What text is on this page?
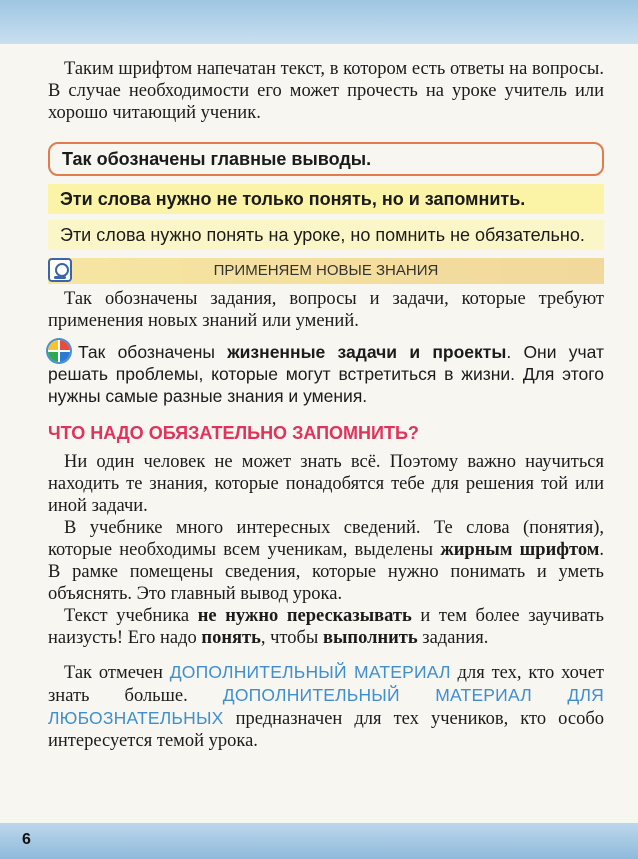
Таким шрифтом напечатан текст, в котором есть ответы на вопросы. В случае необходимости его может прочесть на уроке учитель или хорошо читающий ученик.

Так обозначены главные выводы.
Эти слова нужно не только понять, но и запомнить.
Эти слова нужно понять на уроке, но помнить не обязательно.
ПРИМЕНЯЕМ НОВЫЕ ЗНАНИЯ

Так обозначены задания, вопросы и задачи, которые требуют применения новых знаний или умений.

Так обозначены жизненные задачи и проекты. Они учат решать проблемы, которые могут встретиться в жизни. Для этого нужны самые разные знания и умения.

ЧТО НАДО ОБЯЗАТЕЛЬНО ЗАПОМНИТЬ?

Ни один человек не может знать всё. Поэтому важно научиться находить те знания, которые понадобятся тебе для решения той или иной задачи.

В учебнике много интересных сведений. Те слова (понятия), которые необходимы всем ученикам, выделены жирным шрифтом. В рамке помещены сведения, которые нужно понимать и уметь объяснять. Это главный вывод урока.

Текст учебника не нужно пересказывать и тем более заучивать наизусть! Его надо понять, чтобы выполнить задания.

Так отмечен ДОПОЛНИТЕЛЬНЫЙ МАТЕРИАЛ для тех, кто хочет знать больше. ДОПОЛНИТЕЛЬНЫЙ МАТЕРИАЛ ДЛЯ ЛЮБОЗНАТЕЛЬНЫХ предназначен для тех учеников, кто особо интересуется темой урока.

6
